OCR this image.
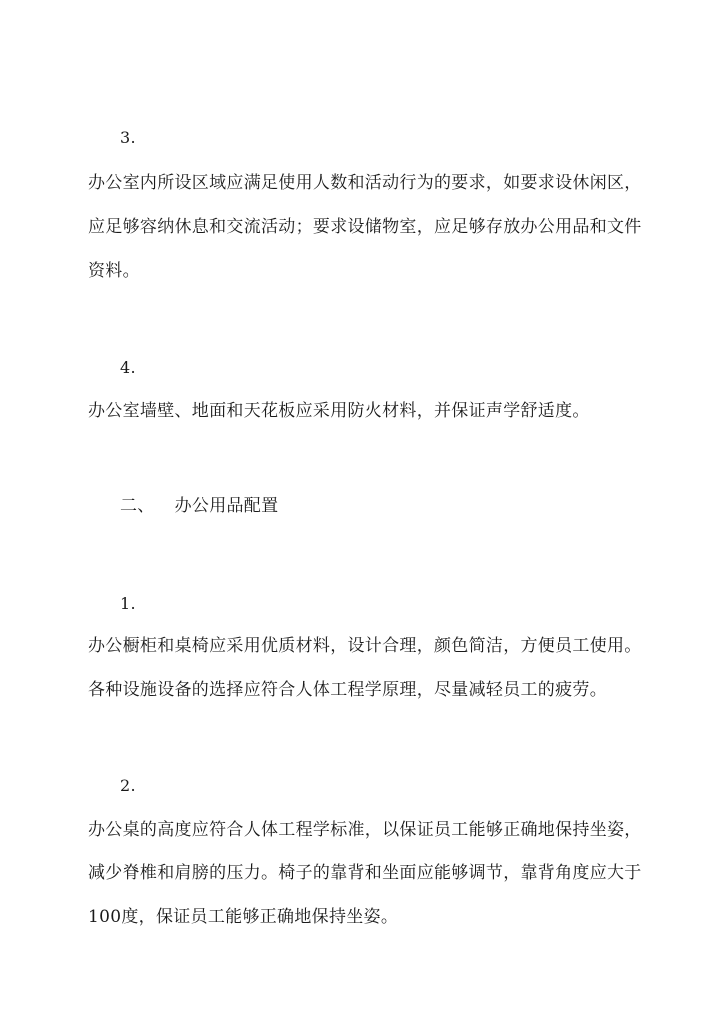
3.
办公室内所设区域应满足使用人数和活动行为的要求，如要求设休闲区，
应足够容纳休息和交流活动；要求设储物室，应足够存放办公用品和文件
资料。
4.
办公室墙壁、地面和天花板应采用防火材料，并保证声学舒适度。
二、 办公用品配置
1.
办公橱柜和桌椅应采用优质材料，设计合理，颜色简洁，方便员工使用。
各种设施设备的选择应符合人体工程学原理，尽量减轻员工的疲劳。
2.
办公桌的高度应符合人体工程学标准，以保证员工能够正确地保持坐姿，
减少脊椎和肩膀的压力。椅子的靠背和坐面应能够调节，靠背角度应大于
100度，保证员工能够正确地保持坐姿。
